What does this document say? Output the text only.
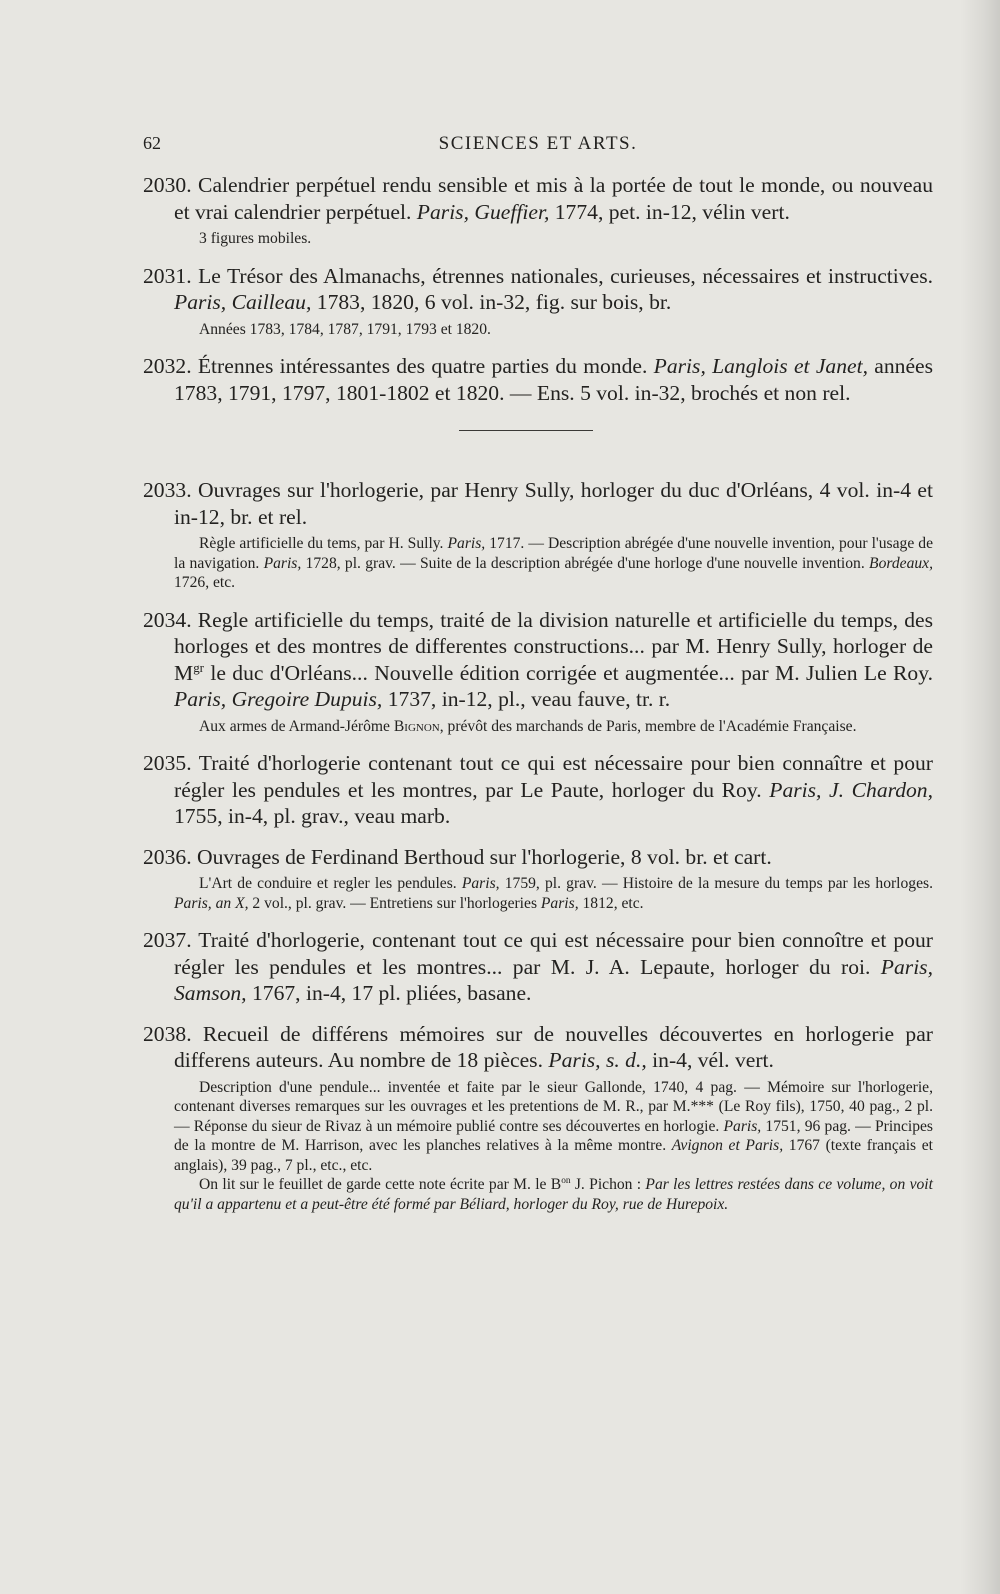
62	SCIENCES ET ARTS.
2030. Calendrier perpétuel rendu sensible et mis à la portée de tout le monde, ou nouveau et vrai calendrier perpétuel. Paris, Gueffier, 1774, pet. in-12, vélin vert.
3 figures mobiles.
2031. Le Trésor des Almanachs, étrennes nationales, curieuses, nécessaires et instructives. Paris, Cailleau, 1783, 1820, 6 vol. in-32, fig. sur bois, br.
Années 1783, 1784, 1787, 1791, 1793 et 1820.
2032. Étrennes intéressantes des quatre parties du monde. Paris, Langlois et Janet, années 1783, 1791, 1797, 1801-1802 et 1820. — Ens. 5 vol. in-32, brochés et non rel.
2033. Ouvrages sur l'horlogerie, par Henry Sully, horloger du duc d'Orléans, 4 vol. in-4 et in-12, br. et rel.
Règle artificielle du tems, par H. Sully. Paris, 1717. — Description abrégée d'une nouvelle invention, pour l'usage de la navigation. Paris, 1728, pl. grav. — Suite de la description abrégée d'une horloge d'une nouvelle invention. Bordeaux, 1726, etc.
2034. Regle artificielle du temps, traité de la division naturelle et artificielle du temps, des horloges et des montres de differentes constructions... par M. Henry Sully, horloger de $M^{gr}$ le duc d'Orléans... Nouvelle édition corrigée et augmentée... par M. Julien Le Roy. Paris, Gregoire Dupuis, 1737, in-12, pl., veau fauve, tr. r.
Aux armes de Armand-Jérôme Bignon, prévôt des marchands de Paris, membre de l'Académie Française.
2035. Traité d'horlogerie contenant tout ce qui est nécessaire pour bien connaître et pour régler les pendules et les montres, par Le Paute, horloger du Roy. Paris, J. Chardon, 1755, in-4, pl. grav., veau marb.
2036. Ouvrages de Ferdinand Berthoud sur l'horlogerie, 8 vol. br. et cart.
L'Art de conduire et regler les pendules. Paris, 1759, pl. grav. — Histoire de la mesure du temps par les horloges. Paris, an X, 2 vol., pl. grav. — Entretiens sur l'horlogeries Paris, 1812, etc.
2037. Traité d'horlogerie, contenant tout ce qui est nécessaire pour bien connoître et pour régler les pendules et les montres... par M. J. A. Lepaute, horloger du roi. Paris, Samson, 1767, in-4, 17 pl. pliées, basane.
2038. Recueil de différens mémoires sur de nouvelles découvertes en horlogerie par differens auteurs. Au nombre de 18 pièces. Paris, s. d., in-4, vél. vert.
Description d'une pendule... inventée et faite par le sieur Gallonde, 1740, 4 pag. — Mémoire sur l'horlogerie, contenant diverses remarques sur les ouvrages et les pretentions de M. R., par M.*** (Le Roy fils), 1750, 40 pag., 2 pl. — Réponse du sieur de Rivaz à un mémoire publié contre ses découvertes en horlogie. Paris, 1751, 96 pag. — Principes de la montre de M. Harrison, avec les planches relatives à la même montre. Avignon et Paris, 1767 (texte français et anglais), 39 pag., 7 pl., etc., etc.
On lit sur le feuillet de garde cette note écrite par M. le $B^{on}$ J. Pichon : Par les lettres restées dans ce volume, on voit qu'il a appartenu et a peut-être été formé par Béliard, horloger du Roy, rue de Hurepoix.
